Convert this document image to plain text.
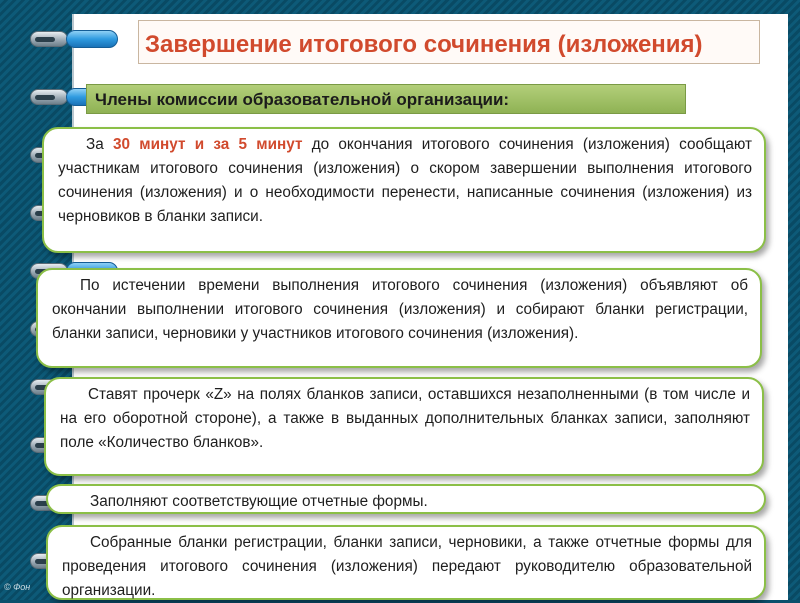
Завершение итогового сочинения (изложения)
Члены комиссии образовательной организации:

За 30 минут и за 5 минут до окончания итогового сочинения (изложения) сообщают участникам итогового сочинения (изложения) о скором завершении выполнения итогового сочинения (изложения) и о необходимости перенести, написанные сочинения (изложения) из черновиков в бланки записи.

По истечении времени выполнения итогового сочинения (изложения) объявляют об окончании выполнении итогового сочинения (изложения) и собирают бланки регистрации, бланки записи, черновики у участников итогового сочинения (изложения).

Ставят прочерк «Z» на полях бланков записи, оставшихся незаполненными (в том числе и на его оборотной стороне), а также в выданных дополнительных бланках записи, заполняют поле «Количество бланков».

Заполняют соответствующие отчетные формы.

Собранные бланки регистрации, бланки записи, черновики, а также отчетные формы для проведения итогового сочинения (изложения) передают руководителю образовательной организации.

© Фон
